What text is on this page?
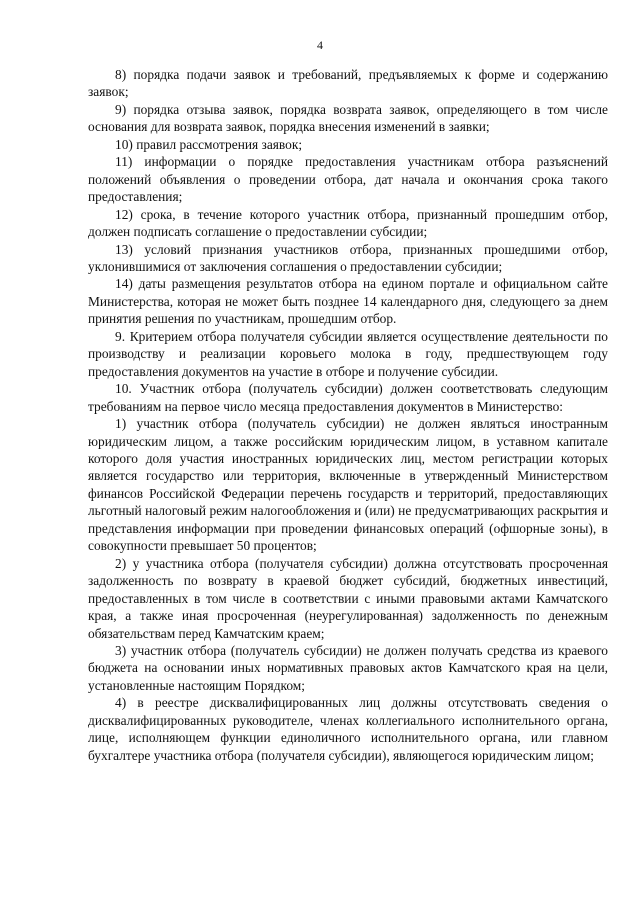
4

8) порядка подачи заявок и требований, предъявляемых к форме и содержанию заявок;

9) порядка отзыва заявок, порядка возврата заявок, определяющего в том числе основания для возврата заявок, порядка внесения изменений в заявки;

10) правил рассмотрения заявок;

11) информации о порядке предоставления участникам отбора разъяснений положений объявления о проведении отбора, дат начала и окончания срока такого предоставления;

12) срока, в течение которого участник отбора, признанный прошедшим отбор, должен подписать соглашение о предоставлении субсидии;

13) условий признания участников отбора, признанных прошедшими отбор, уклонившимися от заключения соглашения о предоставлении субсидии;

14) даты размещения результатов отбора на едином портале и официальном сайте Министерства, которая не может быть позднее 14 календарного дня, следующего за днем принятия решения по участникам, прошедшим отбор.

9. Критерием отбора получателя субсидии является осуществление деятельности по производству и реализации коровьего молока в году, предшествующем году предоставления документов на участие в отборе и получение субсидии.

10. Участник отбора (получатель субсидии) должен соответствовать следующим требованиям на первое число месяца предоставления документов в Министерство:

1) участник отбора (получатель субсидии) не должен являться иностранным юридическим лицом, а также российским юридическим лицом, в уставном капитале которого доля участия иностранных юридических лиц, местом регистрации которых является государство или территория, включенные в утвержденный Министерством финансов Российской Федерации перечень государств и территорий, предоставляющих льготный налоговый режим налогообложения и (или) не предусматривающих раскрытия и представления информации при проведении финансовых операций (офшорные зоны), в совокупности превышает 50 процентов;

2) у участника отбора (получателя субсидии) должна отсутствовать просроченная задолженность по возврату в краевой бюджет субсидий, бюджетных инвестиций, предоставленных в том числе в соответствии с иными правовыми актами Камчатского края, а также иная просроченная (неурегулированная) задолженность по денежным обязательствам перед Камчатским краем;

3) участник отбора (получатель субсидии) не должен получать средства из краевого бюджета на основании иных нормативных правовых актов Камчатского края на цели, установленные настоящим Порядком;

4) в реестре дисквалифицированных лиц должны отсутствовать сведения о дисквалифицированных руководителе, членах коллегиального исполнительного органа, лице, исполняющем функции единоличного исполнительного органа, или главном бухгалтере участника отбора (получателя субсидии), являющегося юридическим лицом;
